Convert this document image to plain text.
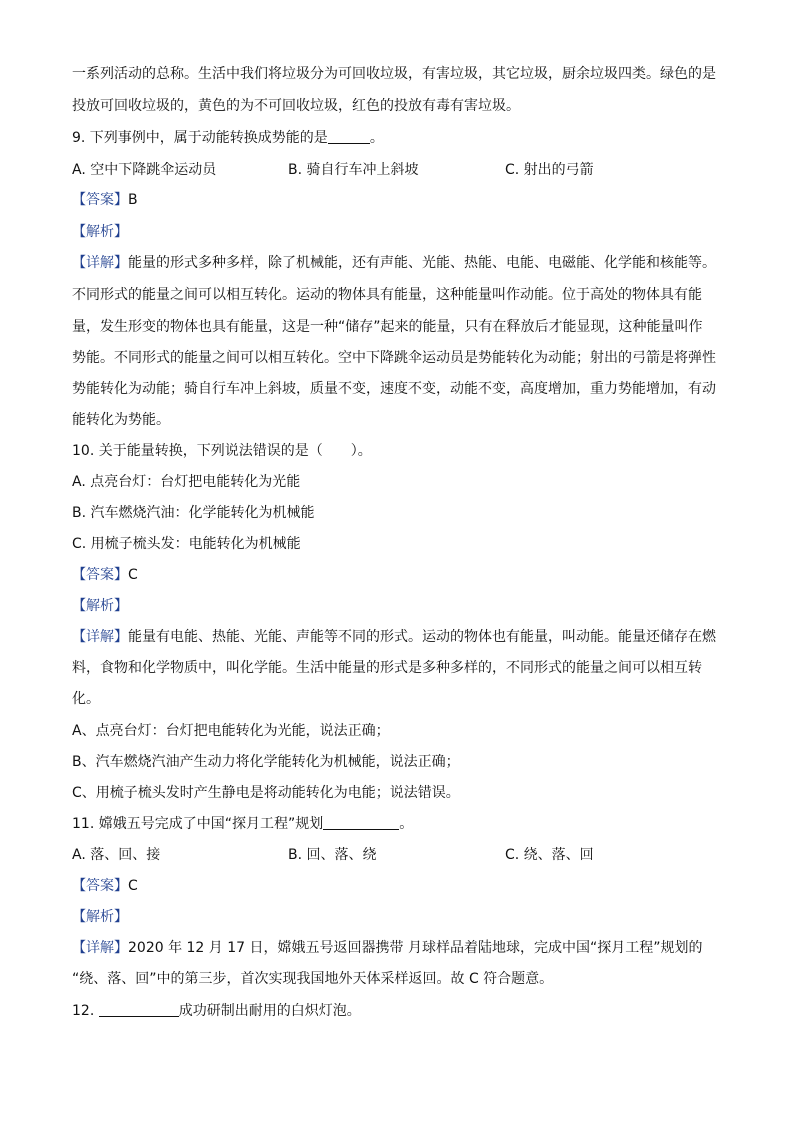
一系列活动的总称。生活中我们将垃圾分为可回收垃圾，有害垃圾，其它垃圾，厨余垃圾四类。绿色的是
投放可回收垃圾的，黄色的为不可回收垃圾，红色的投放有毒有害垃圾。
9. 下列事例中，属于动能转换成势能的是	。
A. 空中下降跳伞运动员	B. 骑自行车冲上斜坡	C. 射出的弓箭
【答案】B
【解析】
【详解】能量的形式多种多样，除了机械能，还有声能、光能、热能、电能、电磁能、化学能和核能等。
不同形式的能量之间可以相互转化。运动的物体具有能量，这种能量叫作动能。位于高处的物体具有能
量，发生形变的物体也具有能量，这是一种“储存”起来的能量，只有在释放后才能显现，这种能量叫作
势能。不同形式的能量之间可以相互转化。空中下降跳伞运动员是势能转化为动能；射出的弓箭是将弹性
势能转化为动能；骑自行车冲上斜坡，质量不变，速度不变，动能不变，高度增加，重力势能增加，有动
能转化为势能。
10. 关于能量转换，下列说法错误的是（　　）。
A. 点亮台灯：台灯把电能转化为光能
B. 汽车燃烧汽油：化学能转化为机械能
C. 用梳子梳头发：电能转化为机械能
【答案】C
【解析】
【详解】能量有电能、热能、光能、声能等不同的形式。运动的物体也有能量，叫动能。能量还储存在燃
料，食物和化学物质中，叫化学能。生活中能量的形式是多种多样的，不同形式的能量之间可以相互转
化。
A、点亮台灯：台灯把电能转化为光能，说法正确；
B、汽车燃烧汽油产生动力将化学能转化为机械能，说法正确；
C、用梳子梳头发时产生静电是将动能转化为电能；说法错误。
11. 嫦娥五号完成了中国“探月工程”规划	。
A. 落、回、接	B. 回、落、绕	C. 绕、落、回
【答案】C
【解析】
【详解】2020 年 12 月 17 日，嫦娥五号返回器携带 月球样品着陆地球，完成中国“探月工程”规划的
“绕、落、回”中的第三步，首次实现我国地外天体采样返回。故 C 符合题意。
12.	成功研制出耐用的白炽灯泡。
